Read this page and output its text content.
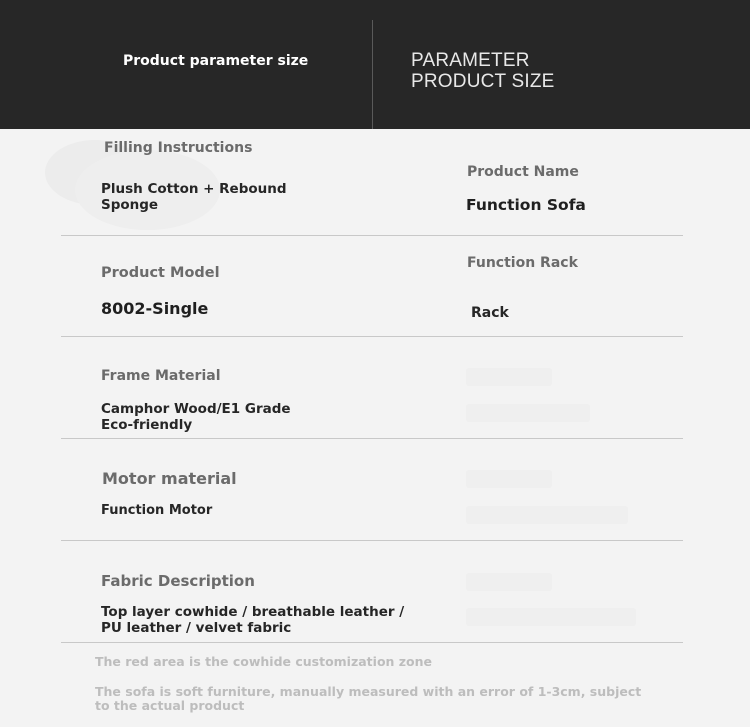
Product parameter size	PARAMETER
PRODUCT SIZE
Filling Instructions
Plush Cotton + Rebound Sponge
Product Name
Function Sofa
Product Model
8002-Single
Function Rack
Rack
Frame Material
Camphor Wood/E1 Grade Eco-friendly
Motor material
Function Motor
Fabric Description
Top layer cowhide / breathable leather / PU leather / velvet fabric
The red area is the cowhide customization zone
The sofa is soft furniture, manually measured with an error of 1-3cm, subject to the actual product
